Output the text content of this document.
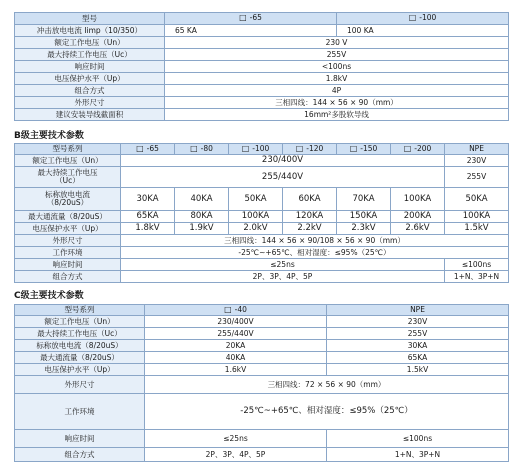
型号	□-65	□-100
冲击放电电流 Iimp（10/350）	65 KA	100 KA
额定工作电压（Un）	230 V	
最大持续工作电压（Uc）	255V	
响应时间	<100ns	
电压保护水平（Up）	1.8kV	
组合方式	4P	
外形尺寸	三相四线：144 × 56 × 90（mm）	
建议安装导线截面积	16mm²多股软导线	
B级主要技术参数
型号系列	□-65	□-80	□-100	□-120	□-150	□-200	NPE
额定工作电压（Un）	230/400V						230V
最大持续工作电压
（Uc）	255/440V						255V
标称放电电流
（8/20uS）	30KA	40KA	50KA	60KA	70KA	100KA	50KA
最大通流量（8/20uS）	65KA	80KA	100KA	120KA	150KA	200KA	100KA
电压保护水平（Up）	1.8kV	1.9kV	2.0kV	2.2kV	2.3kV	2.6kV	1.5kV
外形尺寸	三相四线：144 × 56 × 90/108 × 56 × 90（mm）						
工作环境	-25℃~+65℃、相对湿度：≤95%（25℃）						
响应时间	≤25ns						≤100ns
组合方式	2P、3P、4P、5P						1+N、3P+N
C级主要技术参数
型号系列	□-40	NPE
额定工作电压（Un）	230/400V	230V
最大持续工作电压（Uc）	255/440V	255V
标称放电电流（8/20uS）	20KA	30KA
最大通流量（8/20uS）	40KA	65KA
电压保护水平（Up）	1.6kV	1.5kV
外形尺寸	三相四线：72 × 56 × 90（mm）	
工作环境	-25℃~+65℃、相对湿度：≤95%（25℃）	
响应时间	≤25ns	≤100ns
组合方式	2P、3P、4P、5P	1+N、3P+N
